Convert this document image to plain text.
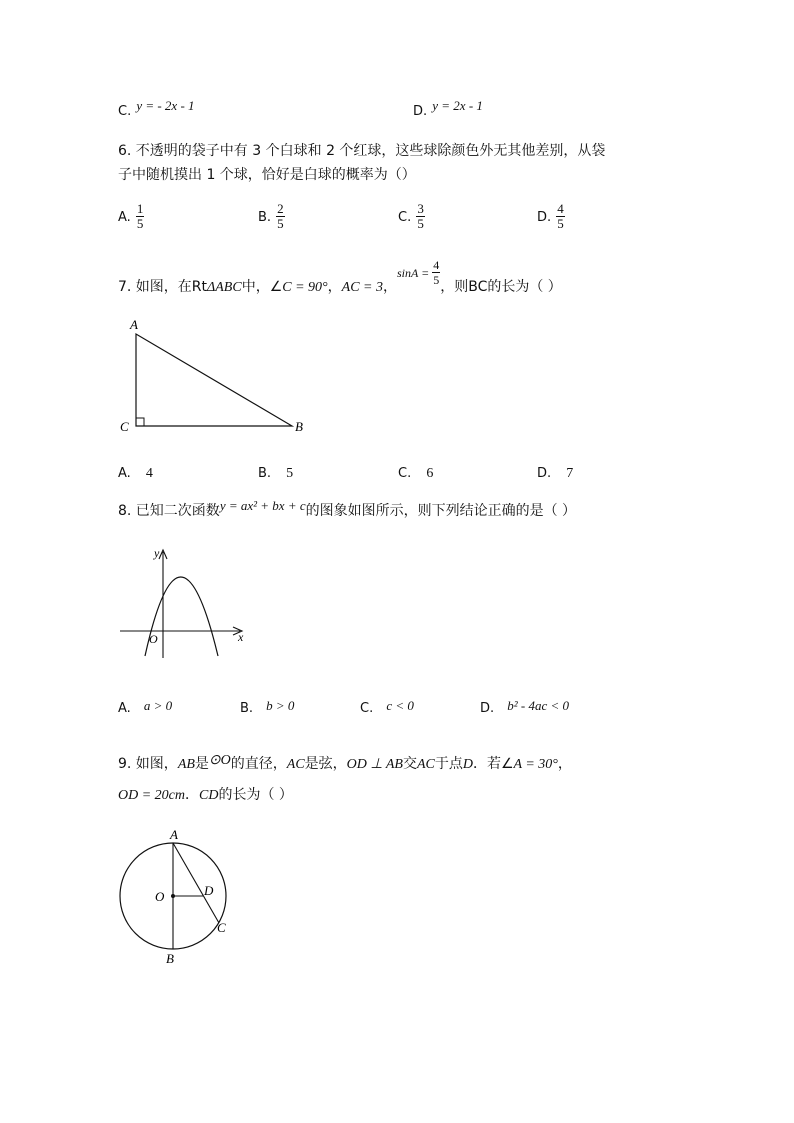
C. $^{y = - 2x - 1}$	D. $^{y = 2x - 1}$
6. 不透明的袋子中有 3 个白球和 2 个红球，这些球除颜色外无其他差别，从袋
子中随机摸出 1 个球，恰好是白球的概率为（）
A. $\frac{1}{5}$	B. $\frac{2}{5}$	C. $\frac{3}{5}$	D. $\frac{4}{5}$
7. 如图，在RtΔABC中，∠C = 90°，AC = 3，$\sin A = \frac{4}{5}$ ，则BC的长为（ ）
A
C	B
A. 4	B. 5	C. 6	D. 7
8. 已知二次函数$^{y = ax^2 + bx + c}$的图象如图所示，则下列结论正确的是（ ）
y
x
O
A. a > 0	B. b > 0	C. c < 0	D. b² - 4ac < 0
9. 如图，AB是⊙O的直径，AC是弦，OD ⊥ AB交AC于点D．若∠A = 30°，
OD = 20cm．CD的长为（ ）
A
O	D
C
B
